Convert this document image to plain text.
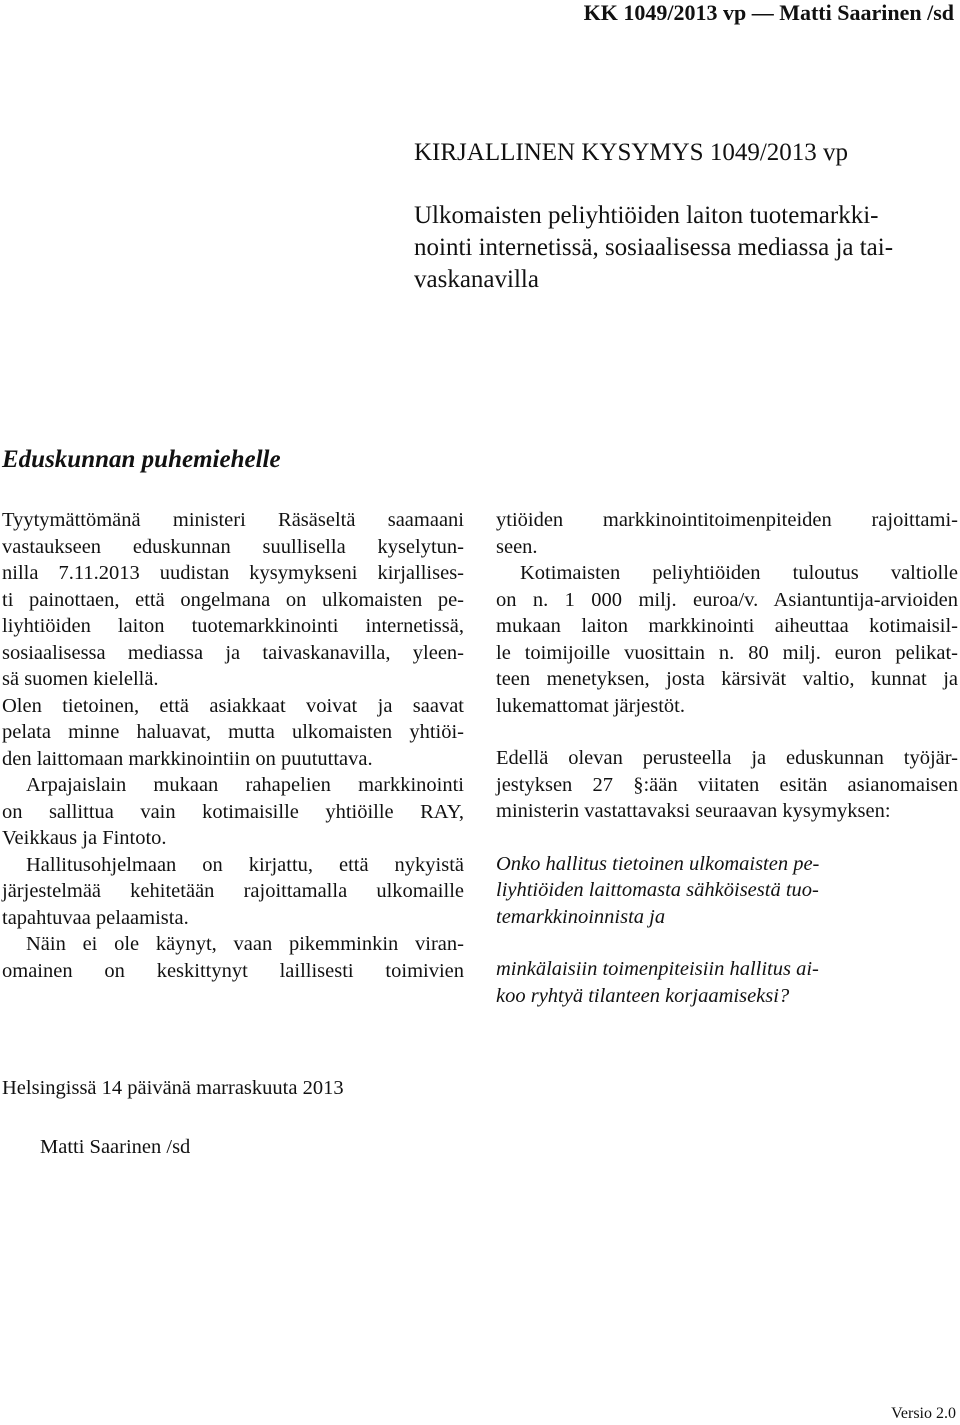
KK 1049/2013 vp — Matti Saarinen /sd
KIRJALLINEN KYSYMYS 1049/2013 vp
Ulkomaisten peliyhtiöiden laiton tuotemarkki-
nointi internetissä, sosiaalisessa mediassa ja tai-
vaskanavilla
Eduskunnan puhemiehelle

Tyytymättömänä ministeri Räsäseltä saamaani
vastaukseen eduskunnan suullisella kyselytun-
nilla 7.11.2013 uudistan kysymykseni kirjallises-
ti painottaen, että ongelmana on ulkomaisten pe-
liyhtiöiden laiton tuotemarkkinointi internetissä,
sosiaalisessa mediassa ja taivaskanavilla, yleen-
sä suomen kielellä.

Olen tietoinen, että asiakkaat voivat ja saavat
pelata minne haluavat, mutta ulkomaisten yhtiöi-
den laittomaan markkinointiin on puututtava.

Arpajaislain mukaan rahapelien markkinointi
on sallittua vain kotimaisille yhtiöille RAY,
Veikkaus ja Fintoto.

Hallitusohjelmaan on kirjattu, että nykyistä
järjestelmää kehitetään rajoittamalla ulkomaille
tapahtuvaa pelaamista.

Näin ei ole käynyt, vaan pikemminkin viran-
omainen on keskittynyt laillisesti toimivien

ytiöiden markkinointitoimenpiteiden rajoittami-
seen.

Kotimaisten peliyhtiöiden tuloutus valtiolle
on n. 1 000 milj. euroa/v. Asiantuntija-arvioiden
mukaan laiton markkinointi aiheuttaa kotimaisil-
le toimijoille vuosittain n. 80 milj. euron pelikat-
teen menetyksen, josta kärsivät valtio, kunnat ja
lukemattomat järjestöt.

Edellä olevan perusteella ja eduskunnan työjär-
jestyksen 27 §:ään viitaten esitän asianomaisen
ministerin vastattavaksi seuraavan kysymyksen:

Onko hallitus tietoinen ulkomaisten pe-
liyhtiöiden laittomasta sähköisestä tuo-
temarkkinoinnista ja

minkälaisiin toimenpiteisiin hallitus ai-
koo ryhtyä tilanteen korjaamiseksi?

Helsingissä 14 päivänä marraskuuta 2013
Matti Saarinen /sd
Versio 2.0
